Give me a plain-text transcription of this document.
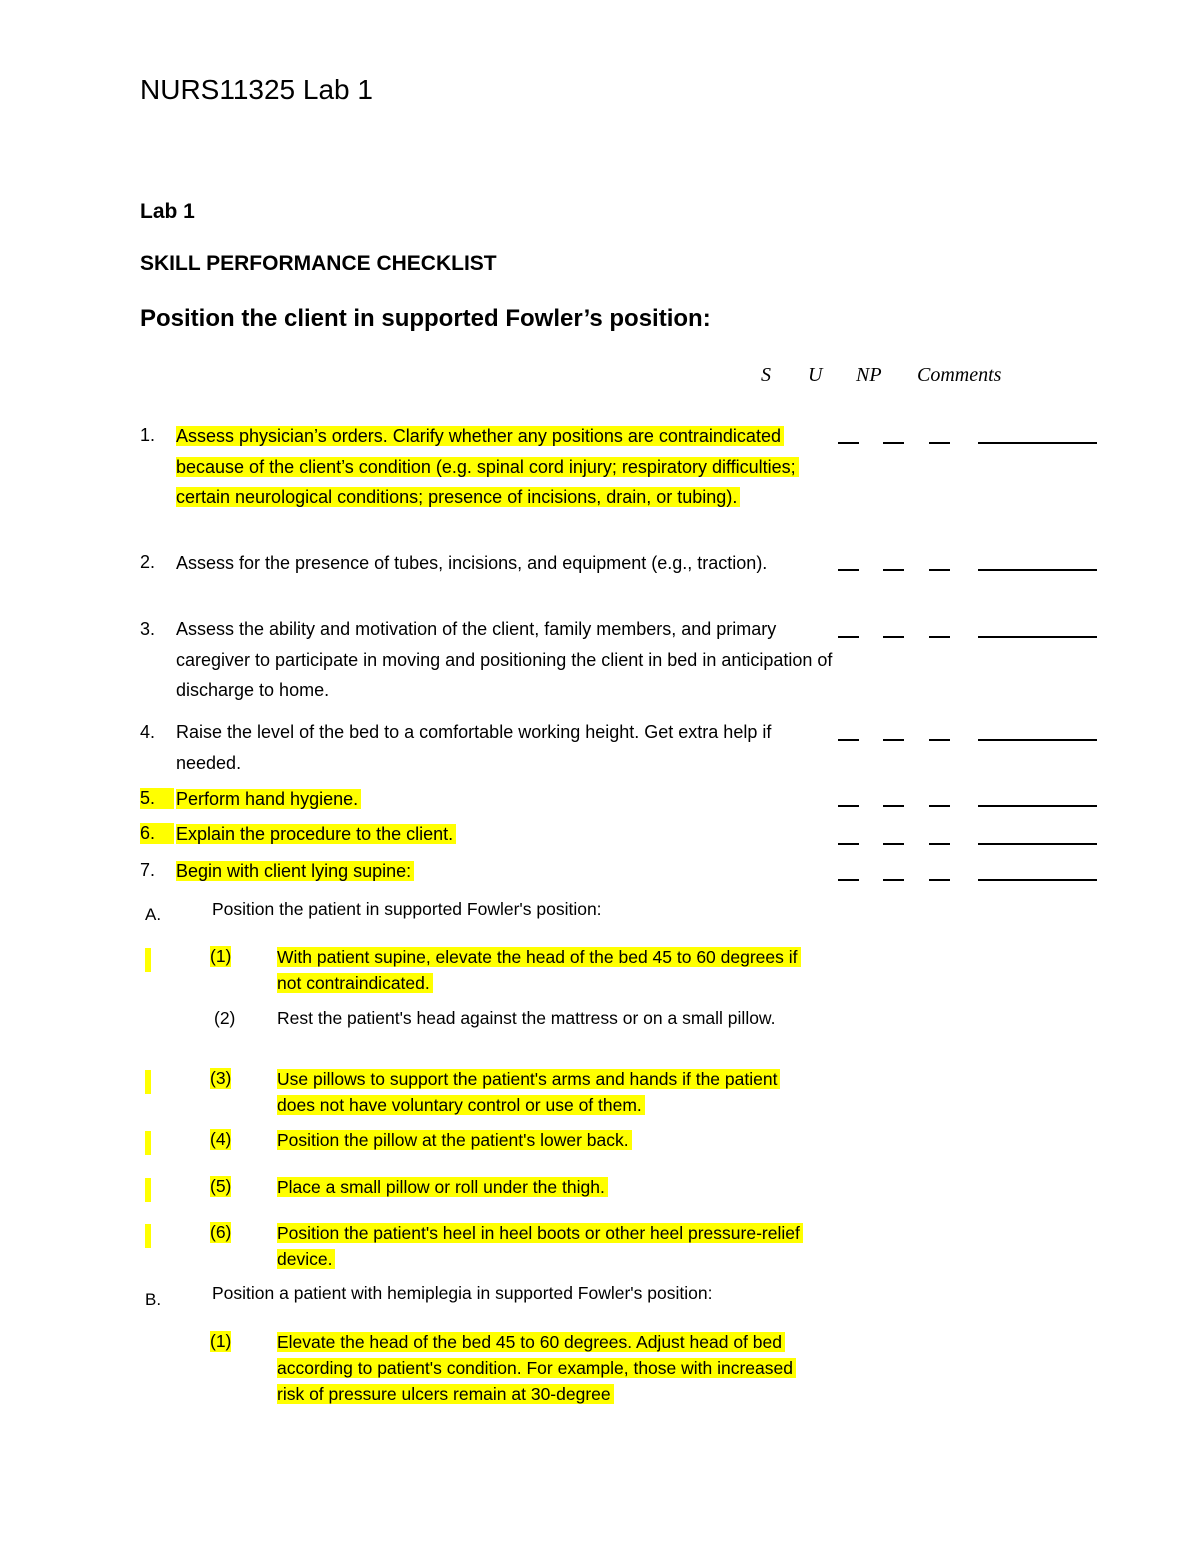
NURS11325 Lab 1
Lab 1
SKILL PERFORMANCE CHECKLIST
Position the client in supported Fowler’s position:
S U NP Comments
1.	Assess physician’s orders. Clarify whether any positions are contraindicated because of the client’s condition (e.g. spinal cord injury; respiratory difficulties; certain neurological conditions; presence of incisions, drain, or tubing).
2.	Assess for the presence of tubes, incisions, and equipment (e.g., traction).
3.	Assess the ability and motivation of the client, family members, and primary caregiver to participate in moving and positioning the client in bed in anticipation of discharge to home.
4.	Raise the level of the bed to a comfortable working height. Get extra help if needed.
5.	Perform hand hygiene.
6.	Explain the procedure to the client.
7.	Begin with client lying supine:
A.	Position the patient in supported Fowler's position:
(1)	With patient supine, elevate the head of the bed 45 to 60 degrees if not contraindicated.
(2) Rest the patient's head against the mattress or on a small pillow.
(3)	Use pillows to support the patient's arms and hands if the patient does not have voluntary control or use of them.
(4)	Position the pillow at the patient's lower back.
(5)	Place a small pillow or roll under the thigh.
(6)	Position the patient's heel in heel boots or other heel pressure-relief device.
B.	Position a patient with hemiplegia in supported Fowler's position:
(1)	Elevate the head of the bed 45 to 60 degrees. Adjust head of bed according to patient's condition. For example, those with increased risk of pressure ulcers remain at 30-degree
